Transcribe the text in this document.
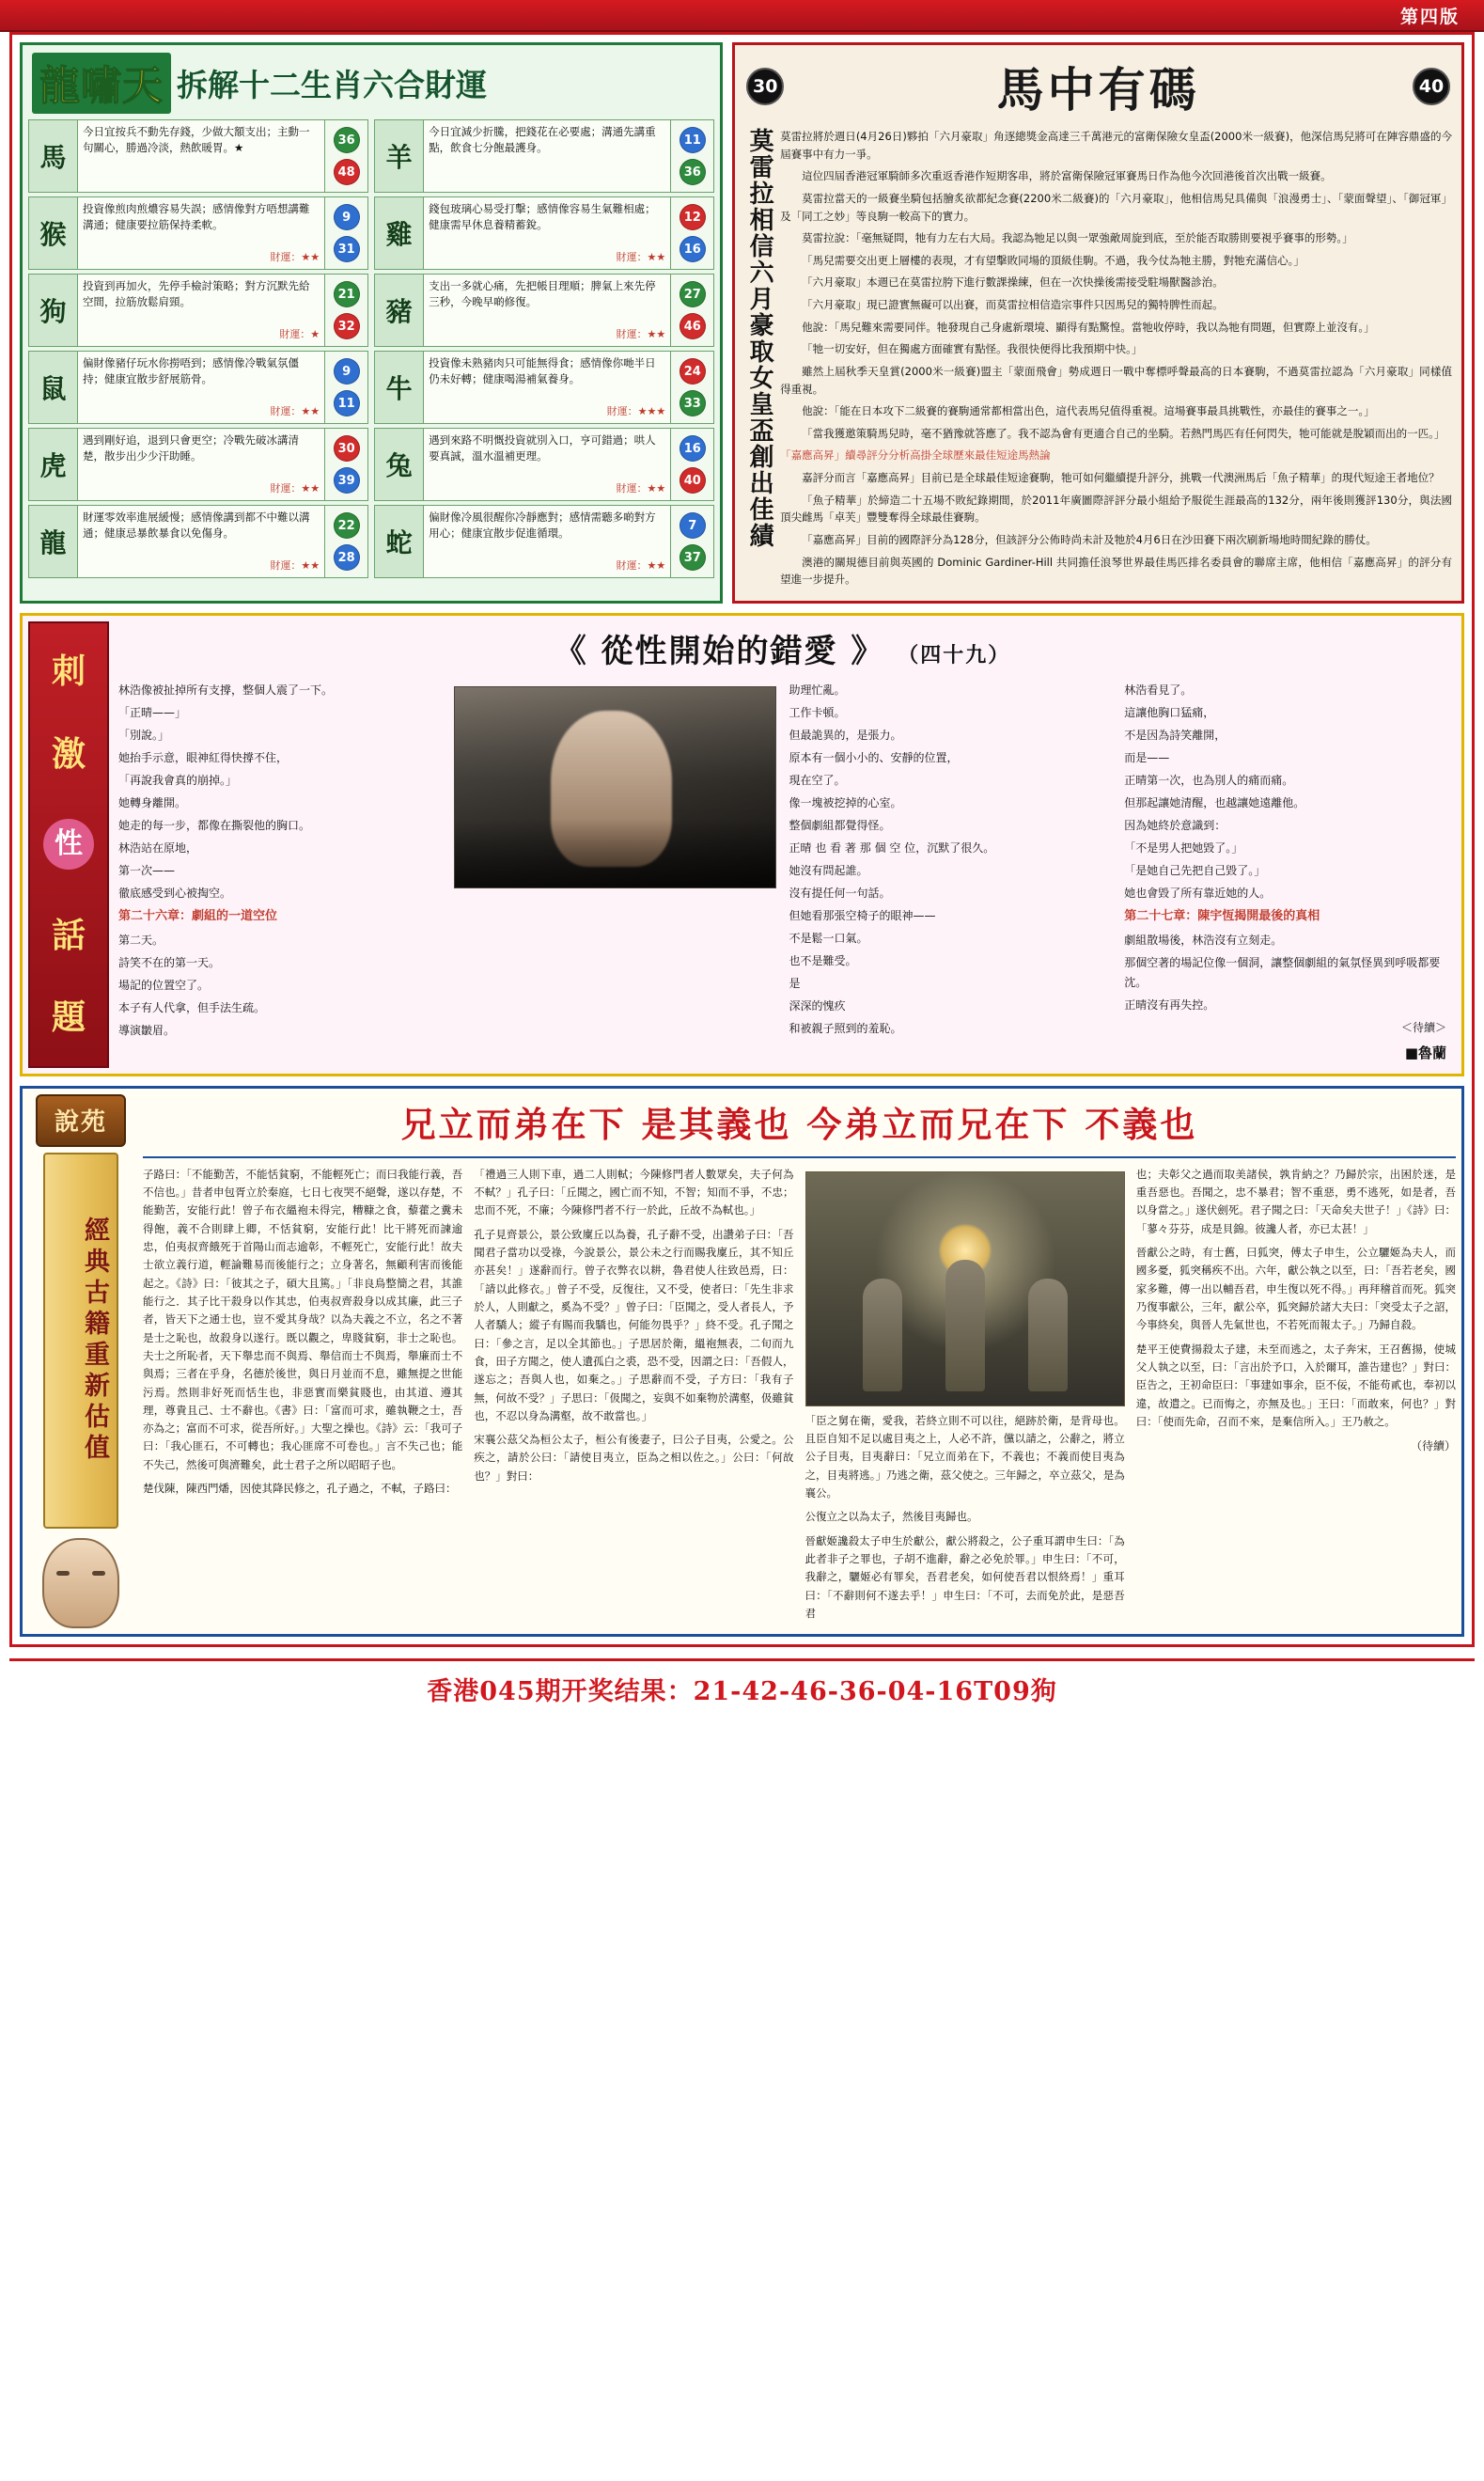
第四版
龍嘯天 拆解十二生肖六合財運
馬
今日宜按兵不動先存錢，少做大額支出；主動一句關心，勝過冷淡，熱飲暖胃。★
36
48
猴
投資像煎肉煎燶容易失誤；感情像對方唔想講難溝通；健康要拉筋保持柔軟。
財運：★★
9
31
狗
投資到再加火，先停手檢討策略；對方沉默先給空間，拉筋放鬆肩頸。
財運：★
21
32
鼠
偏財像豬仔玩水你撈唔到；感情像冷戰氣氛僵持；健康宜散步舒展筋骨。
財運：★★
9
11
虎
遇到剛好追，退到只會更空；冷戰先破冰講清楚，散步出少少汗助睡。
財運：★★
30
39
龍
財運零效率進展緩慢；感情像講到都不中難以溝通；健康忌暴飲暴食以免傷身。
財運：★★
22
28
羊
今日宜減少折騰，把錢花在必要處；溝通先講重點，飲食七分飽最護身。
11
36
雞
錢包玻璃心易受打擊；感情像容易生氣難相處；健康需早休息養精蓄銳。
財運：★★
12
16
豬
支出一多就心痛，先把帳目理順；脾氣上來先停三秒，今晚早啲修復。
財運：★★
27
46
牛
投資像未熟豬肉只可能無得食；感情像你哋半日仍未好轉；健康喝湯補氣養身。
財運：★★★
24
33
兔
遇到來路不明慨投資就別入口，亨可錯過；哄人要真誠，溫水溫補更理。
財運：★★
16
40
蛇
偏財像冷風很醒你冷靜應對；感情需聽多啲對方用心；健康宜散步促進循環。
財運：★★
7
37
30	馬中有碼	40
莫雷拉相信六月豪取女皇盃創出佳績 莫雷拉將於週日(4月26日)夥拍「六月豪取」角逐總獎金高達三千萬港元的富衛保險女皇盃(2000米一級賽)，他深信馬兒將可在陣容鼎盛的今屆賽事中有力一爭。

這位四屆香港冠軍騎師多次重返香港作短期客串，將於富衛保險冠軍賽馬日作為他今次回港後首次出戰一級賽。

莫雷拉當天的一級賽坐騎包括膾炙欲都紀念賽(2200米二級賽)的「六月豪取」，他相信馬兒具備與「浪漫勇士」、「蒙面聲望」、「御冠軍」及「同工之妙」等良駒一較高下的實力。

莫雷拉說：「毫無疑問，牠有力左右大局。我認為牠足以與一眾強敵周旋到底，至於能否取勝則要視乎賽事的形勢。」

「馬兒需要交出更上層樓的表現，才有望擊敗同場的頂級佳駒。不過，我今仗為牠主勝，對牠充滿信心。」

「六月豪取」本週已在莫雷拉胯下進行數課操練，但在一次快操後需接受駐場獸醫診治。

「六月豪取」現已證實無礙可以出賽，而莫雷拉相信造宗事件只因馬兒的獨特脾性而起。

他說：「馬兒難來需要同伴。牠發現自己身處新環境、顯得有點驚惶。當牠收停時，我以為牠有問題，但實際上並沒有。」

「牠一切安好，但在獨處方面確實有點怪。我很快便得比我預期中快。」

雖然上屆秋季天皇賞(2000米一級賽)盟主「蒙面飛會」勢成週日一戰中奪標呼聲最高的日本賽駒，不過莫雷拉認為「六月豪取」同樣值得重視。

他說：「能在日本攻下二級賽的賽駒通常都相當出色，這代表馬兒值得重視。這場賽事最具挑戰性，亦最佳的賽事之一。」

「當我獲邀策騎馬兒時，毫不猶豫就答應了。我不認為會有更適合自己的坐騎。若熱門馬匹有任何閃失，牠可能就是脫穎而出的一匹。」

「嘉應高昇」續尋評分分析高掛全球歷來最佳短途馬熱論

嘉評分而言「嘉應高昇」目前已是全球最佳短途賽駒，牠可如何繼續提升評分，挑戰一代澳洲馬后「魚子精華」的現代短途王者地位？

「魚子精華」於締造二十五場不敗紀錄期間，於2011年廣圖際評評分最小組給予服從生涯最高的132分，兩年後則獲評130分，與法國頂尖雌馬「卓芙」豐雙奪得全球最佳賽駒。

「嘉應高昇」目前的國際評分為128分，但該評分公佈時尚未計及牠於4月6日在沙田賽下兩次刷新場地時間紀錄的勝仗。

澳港的關規德目前與英國的 Dominic Gardiner-Hill 共同擔任浪琴世界最佳馬匹排名委員會的聯席主席，他相信「嘉應高昇」的評分有望進一步提升。

刺
激
性
話
題
《 從性開始的錯愛 》 （四十九）

林浩像被扯掉所有支撐，整個人震了一下。

「正晴——」

「別說。」

她抬手示意，眼神紅得快撐不住，

「再說我會真的崩掉。」

她轉身離開。

她走的每一步，都像在撕裂他的胸口。

林浩站在原地，

第一次——

徹底感受到心被掏空。

第二十六章：劇組的一道空位

第二天。

詩笑不在的第一天。

場記的位置空了。

本子有人代拿，但手法生疏。

導演皺眉。

助理忙亂。

工作卡頓。

但最詭異的，是張力。

原本有一個小小的、安靜的位置，

現在空了。

像一塊被挖掉的心室。

整個劇組都覺得怪。

正晴 也 看 著 那 個 空 位，沉默了很久。

她沒有問起誰。

沒有提任何一句話。

但她看那張空椅子的眼神——

不是鬆一口氣。

也不是難受。

是

深深的愧疚

和被親子照到的羞恥。

林浩看見了。

這讓他胸口猛痛，

不是因為詩笑離開，

而是——

正晴第一次，也為別人的痛而痛。

但那起讓她清醒，也越讓她遠離他。

因為她終於意識到：

「不是男人把她毀了。」

「是她自己先把自己毀了。」

她也會毀了所有靠近她的人。

第二十七章：陳宇恆揭開最後的真相

劇組散場後，林浩沒有立刻走。

那個空著的場記位像一個洞，讓整個劇組的氣氛怪異到呼吸都要沈。

正晴沒有再失控。

＜待續＞

■魯蘭

說苑
經典古籍重新估值
兄立而弟在下 是其義也 今弟立而兄在下 不義也

子路曰：「不能勤苦，不能恬貧窮，不能輕死亡；而曰我能行義，吾不信也。」昔者申包胥立於秦庭，七日七夜哭不絕聲，遂以存楚，不能勤苦，安能行此！曾子布衣縕袍未得完，糟糠之食，藜藿之糞未得飽，義不合則肆上卿，不恬貧窮，安能行此！比干將死而諫逾忠，伯夷叔齊餓死于首陽山而志逾彰，不輕死亡，安能行此！故夫士欲立義行道，輕論難易而後能行之；立身著名，無顧利害而後能起之。《詩》曰：「彼其之子，碩大且篤。」「非良鳥整簡之君，其誰能行之．其子比干殺身以作其忠，伯夷叔齊殺身以成其廉，此三子者，皆天下之通士也，豈不愛其身哉？以為夫義之不立，名之不著是士之恥也，故殺身以遂行。既以觀之，卑賤貧窮，非士之恥也。夫士之所恥者，天下舉忠而不與焉、舉信而士不與焉，舉廉而士不與焉；三者在乎身，名德於後世，與日月並而不息，雖無提之世能污焉。然則非好死而恬生也，非惡實而樂貧賤也，由其道、遵其理，尊貴且己、士不辭也。《書》曰：「富而可求，雖執鞭之士，吾亦為之；富而不可求，從吾所好。」大聖之操也。《詩》云：「我可子曰：「我心匪石，不可轉也；我心匪席不可卷也。」言不失己也；能不失己，然後可與濟難矣，此士君子之所以昭昭子也。

楚伐陳，陳西門燔，因使其降民修之，孔子過之，不軾，子路曰：

「禮過三人則下車，過二人則軾；今陳修門者人數眾矣，夫子何為不軾？」孔子曰：「丘聞之，國亡而不知，不智；知而不爭，不忠；忠而不死，不廉；今陳修門者不行一於此，丘故不為軾也。」

孔子見齊景公，景公致廩丘以為養，孔子辭不受，出讚弟子曰：「吾聞君子當功以受祿，今說景公，景公未之行而賜我廩丘，其不知丘亦甚矣！」遂辭而行。曾子衣弊衣以耕，魯君使人往致邑焉，曰：「請以此修衣。」曾子不受，反復往，又不受，使者曰：「先生非求於人，人則獻之，奚為不受？」曾子曰：「臣聞之，受人者長人，予人者驕人；縱子有賜而我驕也，何能勿畏乎？」終不受。孔子聞之曰：「參之言，足以全其節也。」子思居於衛，縕袍無表，二旬而九食，田子方聞之，使人遺孤白之裘，恐不受，因謂之曰：「吾假人，遂忘之；吾與人也，如棄之。」子思辭而不受，子方曰：「我有子無，何故不受？」子思曰：「伋聞之，妄與不如棄物於溝壑，伋雖貧也，不忍以身為溝壑，故不敢當也。」

宋襄公茲父為桓公太子，桓公有後妻子，曰公子目夷，公愛之。公疾之，請於公曰：「請使目夷立，臣為之相以佐之。」公曰：「何故也？」對曰：

「臣之舅在衛，愛我，若終立則不可以往，絕跡於衛，是背母也。且臣自知不足以處目夷之上，人必不許，儻以請之，公辭之，將立公子目夷，目夷辭曰：「兄立而弟在下，不義也；不義而使目夷為之，目夷將逃。」乃逃之衛，茲父使之。三年歸之，卒立茲父，是為襄公。

公復立之以為太子，然後目夷歸也。

晉獻姬讒殺太子申生於獻公，獻公將殺之，公子重耳謂申生曰：「為此者非子之罪也，子胡不進辭，辭之必免於罪。」申生曰：「不可，我辭之，驪姬必有罪矣，吾君老矣，如何使吾君以恨終焉！」重耳曰：「不辭則何不遂去乎！」申生曰：「不可，去而免於此，是惡吾君

也；夫彰父之過而取美諸侯，孰肯納之？乃歸於宗，出困於迷，是重吾惡也。吾聞之，忠不暴君；智不重惡，勇不逃死，如是者，吾以身當之。」遂伏劍死。君子聞之曰：「天命矣夫世子！」《詩》曰：「蓼々芬芬，成是貝錦。彼讒人者，亦已太甚！」

晉獻公之時，有士舊，曰狐突，傅太子申生，公立驪姬為夫人，而國多憂，狐突稱疾不出。六年，獻公執之以至，曰：「吾若老矣，國家多難，傳一出以輔吾君，申生復以死不得。」再拜稽首而死。狐突乃復事獻公，三年，獻公卒，狐突歸於諸大夫曰：「突受太子之詔，今事終矣，與晉人先氣世也，不若死而報太子。」乃歸自殺。

楚平王使費揚殺太子建，未至而逃之，太子奔宋，王召舊揚，使城父人執之以至，曰：「言出於予口，入於爾耳，誰告建也？」對曰：臣告之，王初命臣曰：「事建如事余，臣不佞，不能苟貳也，奉初以違，故遣之。已而悔之，亦無及也。」王曰：「而敢來，何也？」對曰：「使而先命，召而不來，是棄信所入。」王乃赦之。

（待續）

香港045期开奖结果：21-42-46-36-04-16T09狗
